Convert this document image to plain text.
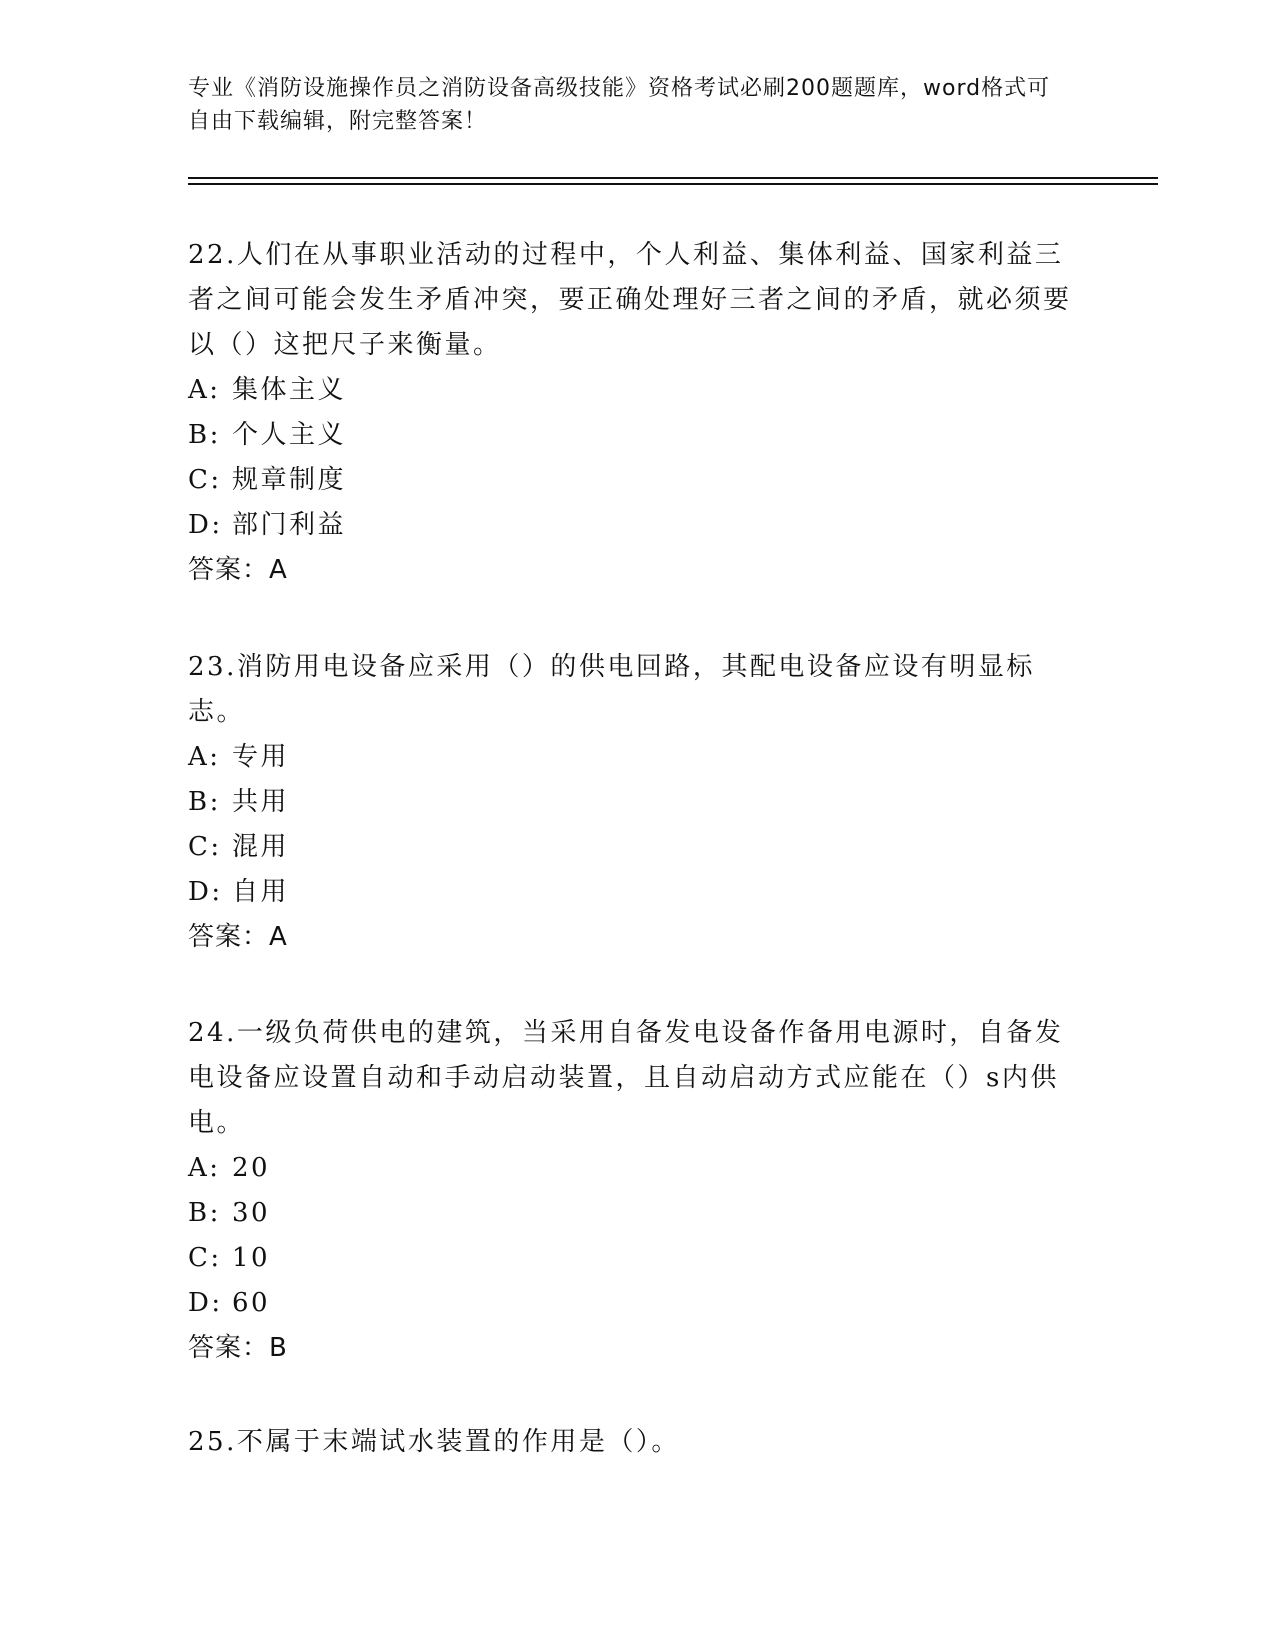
专业《消防设施操作员之消防设备高级技能》资格考试必刷200题题库，word格式可自由下载编辑，附完整答案！

22.人们在从事职业活动的过程中，个人利益、集体利益、国家利益三者之间可能会发生矛盾冲突，要正确处理好三者之间的矛盾，就必须要以（）这把尺子来衡量。

A: 集体主义

B: 个人主义

C: 规章制度

D: 部门利益

答案：A

23.消防用电设备应采用（）的供电回路，其配电设备应设有明显标志。

A: 专用

B: 共用

C: 混用

D: 自用

答案：A

24.一级负荷供电的建筑，当采用自备发电设备作备用电源时，自备发电设备应设置自动和手动启动装置，且自动启动方式应能在（）s内供电。

A: 20

B: 30

C: 10

D: 60

答案：B

25.不属于末端试水装置的作用是（）。
